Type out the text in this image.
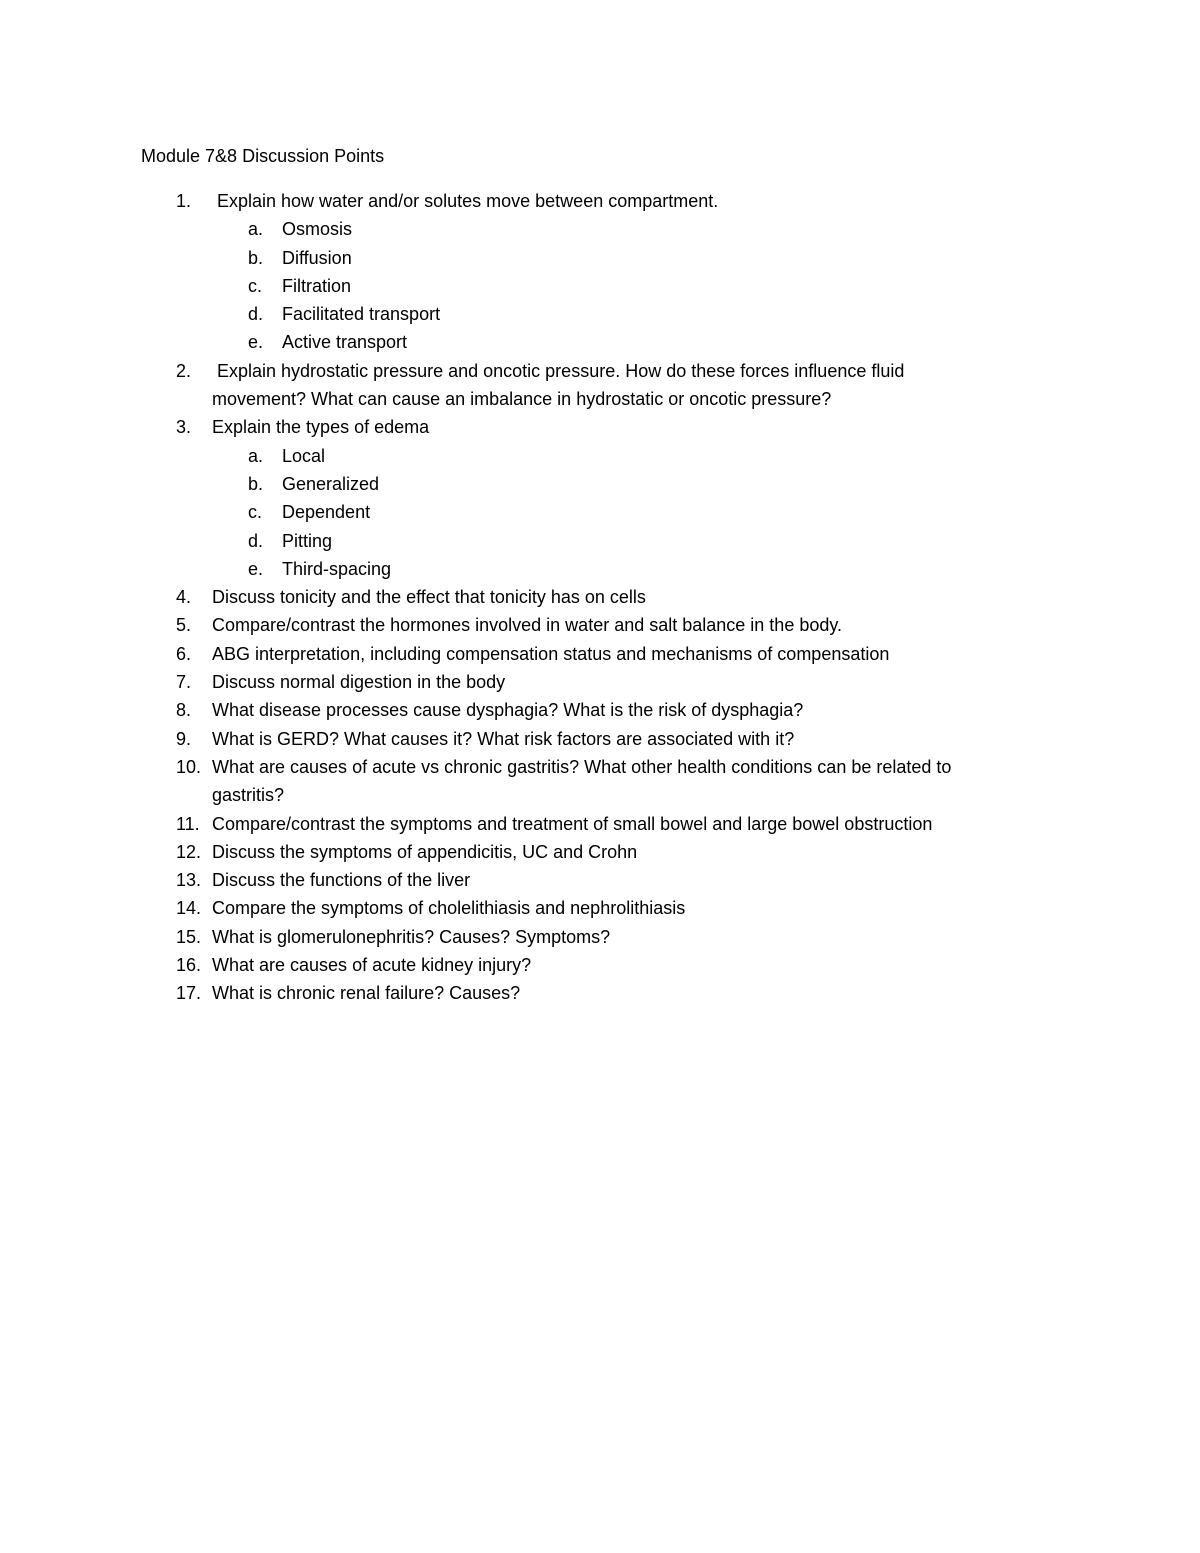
Module 7&8 Discussion Points
1. Explain how water and/or solutes move between compartment.
a. Osmosis
b. Diffusion
c. Filtration
d. Facilitated transport
e. Active transport
2. Explain hydrostatic pressure and oncotic pressure. How do these forces influence fluid
movement? What can cause an imbalance in hydrostatic or oncotic pressure?
3. Explain the types of edema
a. Local
b. Generalized
c. Dependent
d. Pitting
e. Third-spacing
4. Discuss tonicity and the effect that tonicity has on cells
5. Compare/contrast the hormones involved in water and salt balance in the body.
6. ABG interpretation, including compensation status and mechanisms of compensation
7. Discuss normal digestion in the body
8. What disease processes cause dysphagia? What is the risk of dysphagia?
9. What is GERD? What causes it? What risk factors are associated with it?
10. What are causes of acute vs chronic gastritis? What other health conditions can be related to
gastritis?
11. Compare/contrast the symptoms and treatment of small bowel and large bowel obstruction
12. Discuss the symptoms of appendicitis, UC and Crohn
13. Discuss the functions of the liver
14. Compare the symptoms of cholelithiasis and nephrolithiasis
15. What is glomerulonephritis? Causes? Symptoms?
16. What are causes of acute kidney injury?
17. What is chronic renal failure? Causes?
